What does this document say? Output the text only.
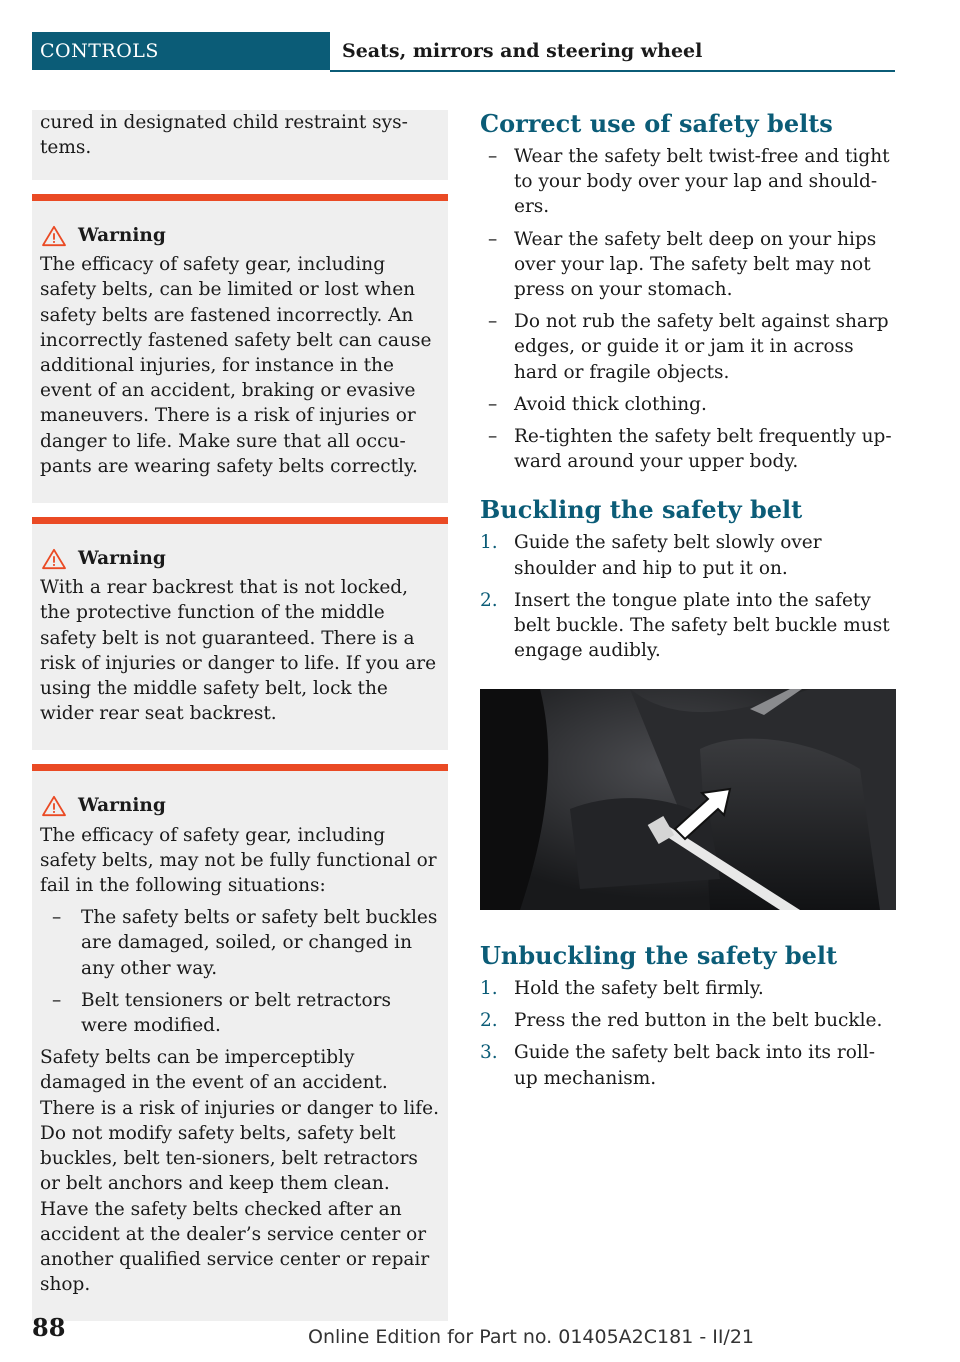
CONTROLS	Seats, mirrors and steering wheel

cured in designated child restraint sys‐tems.

Warning

The efficacy of safety gear, including safety belts, can be limited or lost when safety belts are fastened incorrectly. An incorrectly fastened safety belt can cause additional injuries, for instance in the event of an accident, braking or evasive maneuvers. There is a risk of injuries or danger to life. Make sure that all occu‐pants are wearing safety belts correctly.

Warning

With a rear backrest that is not locked, the protective function of the middle safety belt is not guaranteed. There is a risk of injuries or danger to life. If you are using the middle safety belt, lock the wider rear seat backrest.

Warning

The efficacy of safety gear, including safety belts, may not be fully functional or fail in the following situations:

– The safety belts or safety belt buckles are damaged, soiled, or changed in any other way.
– Belt tensioners or belt retractors were modified.

Safety belts can be imperceptibly damaged in the event of an accident. There is a risk of injuries or danger to life. Do not modify safety belts, safety belt buckles, belt ten‐sioners, belt retractors or belt anchors and keep them clean. Have the safety belts checked after an accident at the dealer’s service center or another qualified service center or repair shop.

Correct use of safety belts
– Wear the safety belt twist-free and tight to your body over your lap and should‐ers.
– Wear the safety belt deep on your hips over your lap. The safety belt may not press on your stomach.
– Do not rub the safety belt against sharp edges, or guide it or jam it in across hard or fragile objects.
– Avoid thick clothing.
– Re-tighten the safety belt frequently up‐ward around your upper body.
Buckling the safety belt
1. Guide the safety belt slowly over shoulder and hip to put it on.
2. Insert the tongue plate into the safety belt buckle. The safety belt buckle must engage audibly.
Unbuckling the safety belt
1. Hold the safety belt firmly.
2. Press the red button in the belt buckle.
3. Guide the safety belt back into its roll‐up mechanism.
88	Online Edition for Part no. 01405A2C181 - II/21
